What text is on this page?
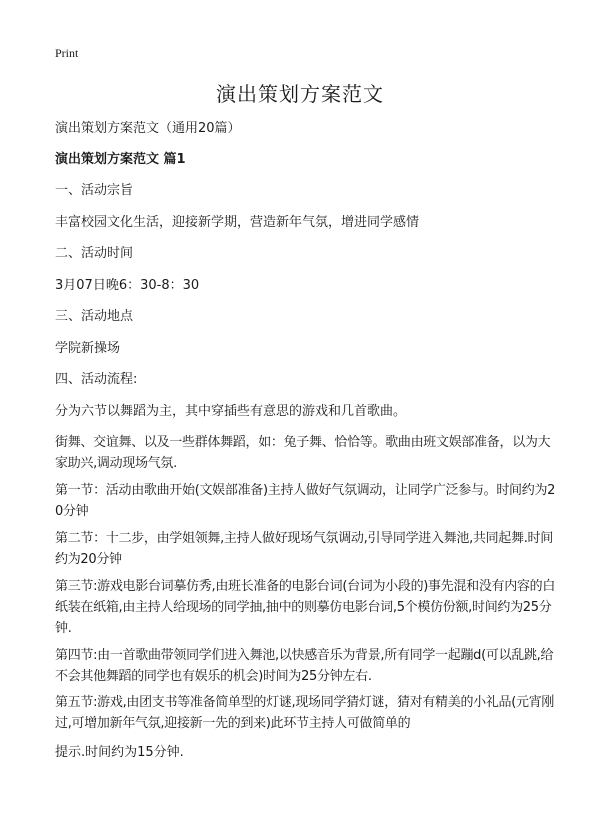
Print
演出策划方案范文

演出策划方案范文（通用20篇）

演出策划方案范文 篇1

一、活动宗旨

丰富校园文化生活，迎接新学期，营造新年气氛，增进同学感情

二、活动时间

3月07日晚6：30-8：30

三、活动地点

学院新操场

四、活动流程:

分为六节以舞蹈为主，其中穿插些有意思的游戏和几首歌曲。

街舞、交谊舞、以及一些群体舞蹈，如：兔子舞、恰恰等。歌曲由班文娱部准备，以为大家助兴,调动现场气氛.

第一节：活动由歌曲开始(文娱部准备)主持人做好气氛调动，让同学广泛参与。时间约为20分钟

第二节：十二步，由学姐领舞,主持人做好现场气氛调动,引导同学进入舞池,共同起舞.时间约为20分钟

第三节:游戏电影台词摹仿秀,由班长准备的电影台词(台词为小段的)事先混和没有内容的白纸装在纸箱,由主持人给现场的同学抽,抽中的则摹仿电影台词,5个模仿份额,时间约为25分钟.

第四节:由一首歌曲带领同学们进入舞池,以快感音乐为背景,所有同学一起蹦d(可以乱跳,给不会其他舞蹈的同学也有娱乐的机会)时间为25分钟左右.

第五节:游戏,由团支书等准备简单型的灯谜,现场同学猜灯谜，猜对有精美的小礼品(元宵刚过,可增加新年气氛,迎接新一先的到来)此环节主持人可做简单的

提示.时间约为15分钟.
